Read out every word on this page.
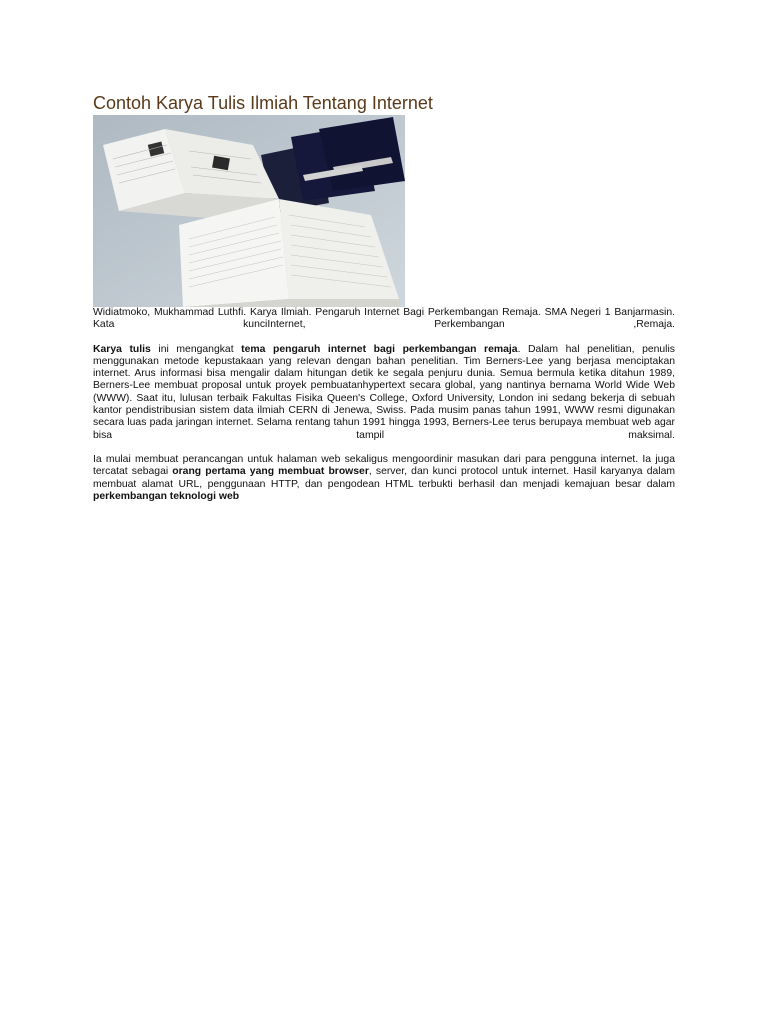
Contoh Karya Tulis Ilmiah Tentang Internet

Widiatmoko, Mukhammad Luthfi. Karya Ilmiah. Pengaruh Internet Bagi Perkembangan Remaja. SMA Negeri 1 Banjarmasin. Kata kunciInternet, Perkembangan ,Remaja.

Karya tulis ini mengangkat tema pengaruh internet bagi perkembangan remaja. Dalam hal penelitian, penulis menggunakan metode kepustakaan yang relevan dengan bahan penelitian. Tim Berners-Lee yang berjasa menciptakan internet. Arus informasi bisa mengalir dalam hitungan detik ke segala penjuru dunia. Semua bermula ketika ditahun 1989, Berners-Lee membuat proposal untuk proyek pembuatanhypertext secara global, yang nantinya bernama World Wide Web (WWW). Saat itu, lulusan terbaik Fakultas Fisika Queen's College, Oxford University, London ini sedang bekerja di sebuah kantor pendistribusian sistem data ilmiah CERN di Jenewa, Swiss. Pada musim panas tahun 1991, WWW resmi digunakan secara luas pada jaringan internet. Selama rentang tahun 1991 hingga 1993, Berners-Lee terus berupaya membuat web agar bisa tampil maksimal.

Ia mulai membuat perancangan untuk halaman web sekaligus mengoordinir masukan dari para pengguna internet. Ia juga tercatat sebagai orang pertama yang membuat browser, server, dan kunci protocol untuk internet. Hasil karyanya dalam membuat alamat URL, penggunaan HTTP, dan pengodean HTML terbukti berhasil dan menjadi kemajuan besar dalam perkembangan teknologi web
